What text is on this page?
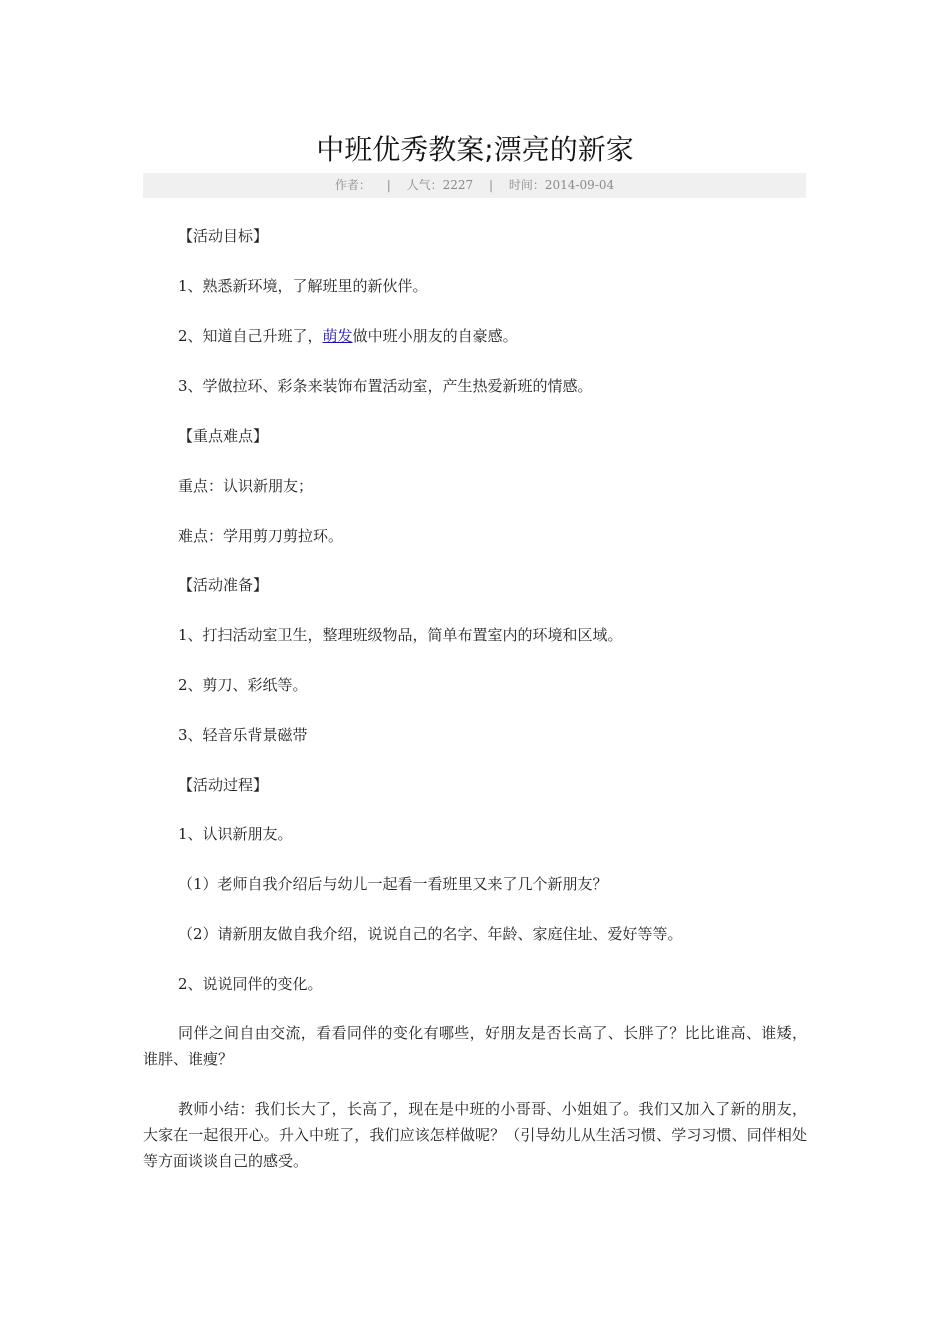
中班优秀教案;漂亮的新家
作者： | 人气：2227 | 时间：2014-09-04
【活动目标】
1、熟悉新环境，了解班里的新伙伴。
2、知道自己升班了，萌发做中班小朋友的自豪感。
3、学做拉环、彩条来装饰布置活动室，产生热爱新班的情感。
【重点难点】
重点：认识新朋友；
难点：学用剪刀剪拉环。
【活动准备】
1、打扫活动室卫生，整理班级物品，简单布置室内的环境和区域。
2、剪刀、彩纸等。
3、轻音乐背景磁带
【活动过程】
1、认识新朋友。
（1）老师自我介绍后与幼儿一起看一看班里又来了几个新朋友？
（2）请新朋友做自我介绍，说说自己的名字、年龄、家庭住址、爱好等等。
2、说说同伴的变化。
同伴之间自由交流，看看同伴的变化有哪些，好朋友是否长高了、长胖了？比比谁高、谁矮，谁胖、谁瘦？
教师小结：我们长大了，长高了，现在是中班的小哥哥、小姐姐了。我们又加入了新的朋友，大家在一起很开心。升入中班了，我们应该怎样做呢？（引导幼儿从生活习惯、学习习惯、同伴相处等方面谈谈自己的感受。
